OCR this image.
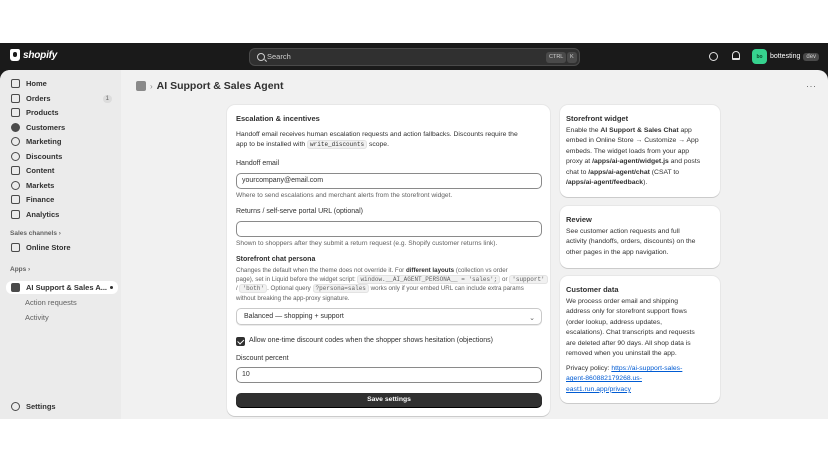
shopify	Search	CTRL	K	bo	bottesting	dev
Home
Orders	1
Products
Customers
Marketing
Discounts
Content
Markets
Finance
Analytics
Sales channels ›
Online Store
Apps ›
AI Support & Sales A...
Action requests
Activity
Settings
› AI Support & Sales Agent	···
Escalation & incentives
Handoff email receives human escalation requests and action fallbacks. Discounts require the
app to be installed with write_discounts scope.
Handoff email
yourcompany@email.com
Where to send escalations and merchant alerts from the storefront widget.
Returns / self-serve portal URL (optional)
Shown to shoppers after they submit a return request (e.g. Shopify customer returns link).
Storefront chat persona
Changes the default when the theme does not override it. For different layouts (collection vs order
page), set in Liquid before the widget script: window.__AI_AGENT_PERSONA__ = 'sales'; or 'support'
/ 'both' . Optional query ?persona=sales works only if your embed URL can include extra params
without breaking the app-proxy signature.
Balanced — shopping + support	⌄
Allow one-time discount codes when the shopper shows hesitation (objections)
Discount percent
10
Save settings
Storefront widget
Enable the AI Support & Sales Chat app
embed in Online Store → Customize → App
embeds. The widget loads from your app
proxy at /apps/ai-agent/widget.js and posts
chat to /apps/ai-agent/chat (CSAT to
/apps/ai-agent/feedback).
Review
See customer action requests and full
activity (handoffs, orders, discounts) on the
other pages in the app navigation.
Customer data
We process order email and shipping
address only for storefront support flows
(order lookup, address updates,
escalations). Chat transcripts and requests
are deleted after 90 days. All shop data is
removed when you uninstall the app.
Privacy policy: https://ai-support-sales-
agent-860882179268.us-
east1.run.app/privacy
